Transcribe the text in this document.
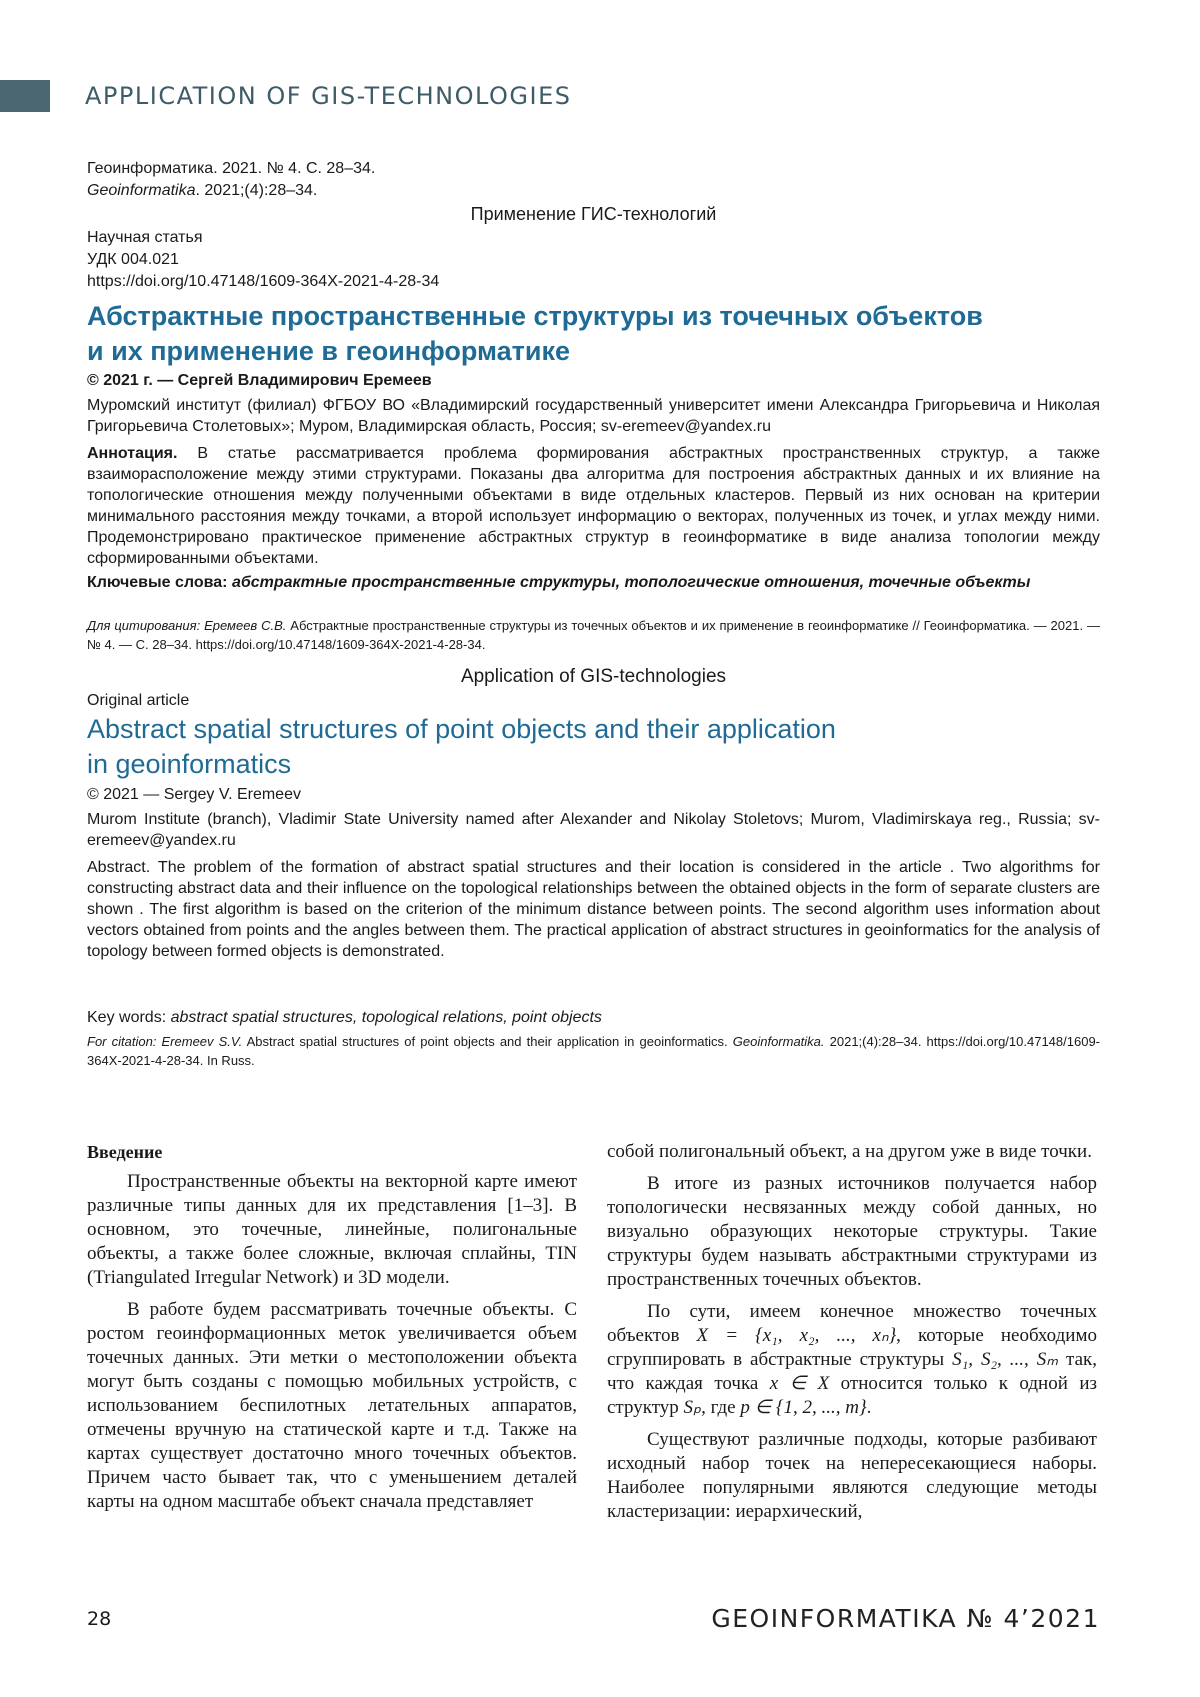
APPLICATION OF GIS-TECHNOLOGIES
Геоинформатика. 2021. № 4. С. 28–34.
Geoinformatika. 2021;(4):28–34.
Применение ГИС-технологий
Научная статья
УДК 004.021
https://doi.org/10.47148/1609-364X-2021-4-28-34
Абстрактные пространственные структуры из точечных объектов
и их применение в геоинформатике
© 2021 г. — Сергей Владимирович Еремеев
Муромский институт (филиал) ФГБОУ ВО «Владимирский государственный университет имени Александра Григорьевича и Николая Григорьевича Столетовых»; Муром, Владимирская область, Россия; sv-eremeev@yandex.ru
Аннотация. В статье рассматривается проблема формирования абстрактных пространственных структур, а также взаиморасположение между этими структурами. Показаны два алгоритма для построения абстрактных данных и их влияние на топологические отношения между полученными объектами в виде отдельных кластеров. Первый из них основан на критерии минимального расстояния между точками, а второй использует информацию о векторах, полученных из точек, и углах между ними. Продемонстрировано практическое применение абстрактных структур в геоинформатике в виде анализа топологии между сформированными объектами.
Ключевые слова: абстрактные пространственные структуры, топологические отношения, точечные объекты
Для цитирования: Еремеев С.В. Абстрактные пространственные структуры из точечных объектов и их применение в геоинформатике // Геоинформатика. — 2021. — № 4. — С. 28–34. https://doi.org/10.47148/1609-364X-2021-4-28-34.
Application of GIS-technologies
Original article
Abstract spatial structures of point objects and their application
in geoinformatics
© 2021 — Sergey V. Eremeev
Murom Institute (branch), Vladimir State University named after Alexander and Nikolay Stoletovs; Murom, Vladimirskaya reg., Russia; sv-eremeev@yandex.ru
Abstract. The problem of the formation of abstract spatial structures and their location is considered in the article . Two algorithms for constructing abstract data and their influence on the topological relationships between the obtained objects in the form of separate clusters are shown . The first algorithm is based on the criterion of the minimum distance between points. The second algorithm uses information about vectors obtained from points and the angles between them. The practical application of abstract structures in geoinformatics for the analysis of topology between formed objects is demonstrated.
Key words: abstract spatial structures, topological relations, point objects
For citation: Eremeev S.V. Abstract spatial structures of point objects and their application in geoinformatics. Geoinformatika. 2021;(4):28–34. https://doi.org/10.47148/1609-364X-2021-4-28-34. In Russ.
Введение

Пространственные объекты на векторной карте имеют различные типы данных для их представления [1–3]. В основном, это точечные, линейные, полигональные объекты, а также более сложные, включая сплайны, TIN (Triangulated Irregular Network) и 3D модели.

В работе будем рассматривать точечные объекты. С ростом геоинформационных меток увеличивается объем точечных данных. Эти метки о местоположении объекта могут быть созданы с помощью мобильных устройств, с использованием беспилотных летательных аппаратов, отмечены вручную на статической карте и т.д. Также на картах существует достаточно много точечных объектов. Причем часто бывает так, что с уменьшением деталей карты на одном масштабе объект сначала представляет

собой полигональный объект, а на другом уже в виде точки.

В итоге из разных источников получается набор топологически несвязанных между собой данных, но визуально образующих некоторые структуры. Такие структуры будем называть абстрактными структурами из пространственных точечных объектов.

По сути, имеем конечное множество точечных объектов X = {x₁, x₂, ..., xₙ}, которые необходимо сгруппировать в абстрактные структуры S₁, S₂, ..., Sₘ так, что каждая точка x ∈ X относится только к одной из структур Sₚ, где p ∈ {1, 2, ..., m}.

Существуют различные подходы, которые разбивают исходный набор точек на непересекающиеся наборы. Наиболее популярными являются следующие методы кластеризации: иерархический,

28	GEOINFORMATIKA № 4’2021
